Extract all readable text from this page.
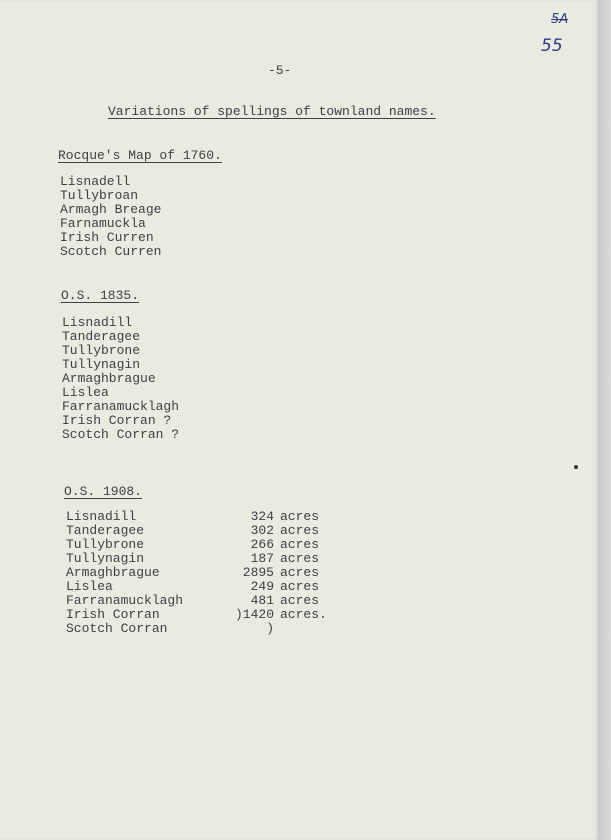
5A
55

-5-

Variations of spellings of townland names.

Rocque's Map of 1760.

Lisnadell
Tullybroan
Armagh Breage
Farnamuckla
Irish Curren
Scotch Curren

O.S. 1835.

Lisnadill
Tanderagee
Tullybrone
Tullynagin
Armaghbrague
Lislea
Farranamucklagh
Irish Corran ?
Scotch Corran ?

O.S. 1908.

Lisnadill	324 acres
Tanderagee	302 acres
Tullybrone	266 acres
Tullynagin	187 acres
Armaghbrague	2895 acres
Lislea	249 acres
Farranamucklagh	481 acres
Irish Corran	)1420 acres.
Scotch Corran	)
